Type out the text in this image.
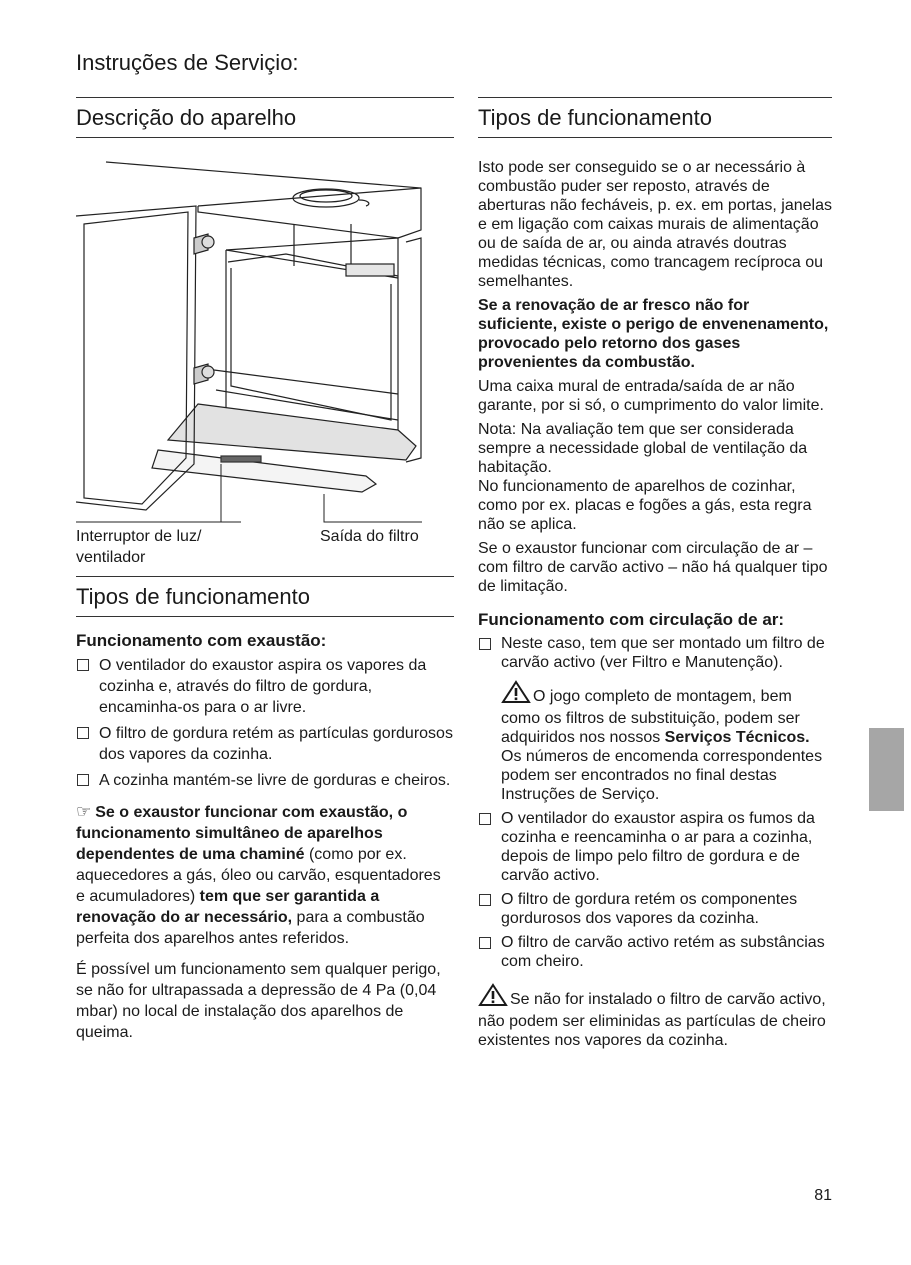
Instruções de Serviçio:
Descrição do aparelho
Interruptor de luz/
ventilador
Saída do filtro
Tipos de funcionamento
Funcionamento com exaustão:
O ventilador do exaustor aspira os vapores da cozinha e, através do filtro de gordura, encaminha-os para o ar livre.
O filtro de gordura retém as partículas gordurosos dos vapores da cozinha.
A cozinha mantém-se livre de gorduras e cheiros.
☞ Se o exaustor funcionar com exaustão, o funcionamento simultâneo de aparelhos dependentes de uma chaminé (como por ex. aquecedores a gás, óleo ou carvão, esquentadores e acumuladores) tem que ser garantida a renovação do ar necessário, para a combustão perfeita dos aparelhos antes referidos.
É possível um funcionamento sem qualquer perigo, se não for ultrapassada a depressão de 4 Pa (0,04 mbar) no local de instalação dos aparelhos de queima.
Tipos de funcionamento

Isto pode ser conseguido se o ar necessário à combustão puder ser reposto, através de aberturas não fecháveis, p. ex. em portas, janelas e em ligação com caixas murais de alimentação ou de saída de ar, ou ainda através doutras medidas técnicas, como trancagem recíproca ou semelhantes.

Se a renovação de ar fresco não for suficiente, existe o perigo de envenenamento, provocado pelo retorno dos gases provenientes da combustão.

Uma caixa mural de entrada/saída de ar não garante, por si só, o cumprimento do valor limite.

Nota: Na avaliação tem que ser considerada sempre a necessidade global de ventilação da habitação.

No funcionamento de aparelhos de cozinhar, como por ex. placas e fogões a gás, esta regra não se aplica.

Se o exaustor funcionar com circulação de ar – com filtro de carvão activo – não há qualquer tipo de limitação.

Funcionamento com circulação de ar:
Neste caso, tem que ser montado um filtro de carvão activo (ver Filtro e Manutenção).
O jogo completo de montagem, bem como os filtros de substituição, podem ser adquiridos nos nossos Serviços Técnicos.
Os números de encomenda correspondentes podem ser encontrados no final destas Instruções de Serviço.
O ventilador do exaustor aspira os fumos da cozinha e reencaminha o ar para a cozinha, depois de limpo pelo filtro de gordura e de carvão activo.
O filtro de gordura retém os componentes gordurosos dos vapores da cozinha.
O filtro de carvão activo retém as substâncias com cheiro.
Se não for instalado o filtro de carvão activo, não podem ser eliminidas as partículas de cheiro existentes nos vapores da cozinha.
81
